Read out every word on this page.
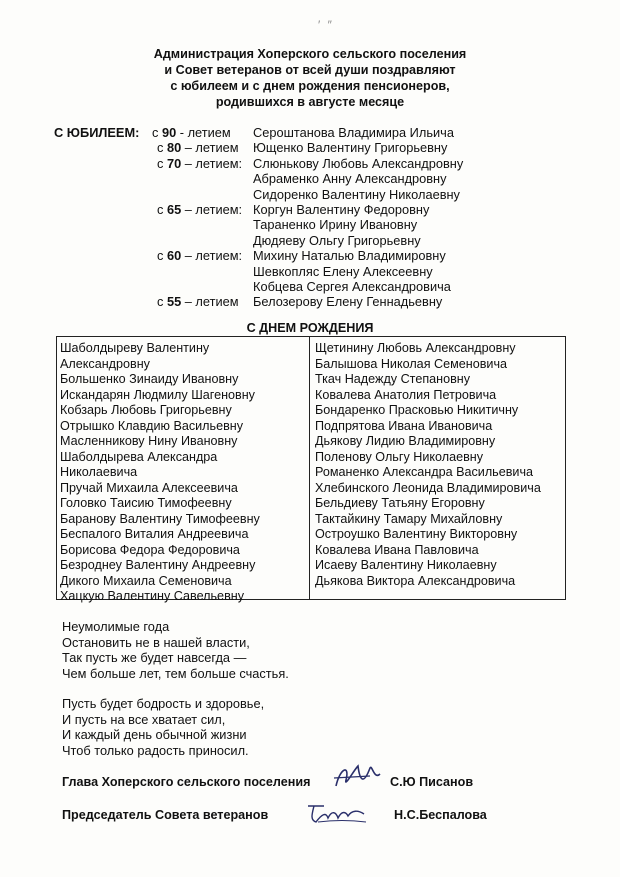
′ ″
Администрация Хоперского сельского поселения
и Совет ветеранов от всей души поздравляют
с юбилеем и с днем рождения пенсионеров,
родившихся в августе месяце
С ЮБИЛЕЕМ: с 90 - летием Сероштанова Владимира Ильича
с 80 – летием Ющенко Валентину Григорьевну
с 70 – летием: Слюнькову Любовь Александровну
Абраменко Анну Александровну
Сидоренко Валентину Николаевну
с 65 – летием: Коргун Валентину Федоровну
Тараненко Ирину Ивановну
Дюдяеву Ольгу Григорьевну
с 60 – летием: Михину Наталью Владимировну
Шевкопляс Елену Алексеевну
Кобцева Сергея Александровича
с 55 – летием Белозерову Елену Геннадьевну
С ДНЕМ РОЖДЕНИЯ
Шаболдыреву Валентину
Александровну
Большенко Зинаиду Ивановну
Искандарян Людмилу Шагеновну
Кобзарь Любовь Григорьевну
Отрышко Клавдию Васильевну
Масленникову Нину Ивановну
Шаболдырева Александра
Николаевича
Пручай Михаила Алексеевича
Головко Таисию Тимофеевну
Баранову Валентину Тимофеевну
Беспалого Виталия Андреевича
Борисова Федора Федоровича
Безроднеу Валентину Андреевну
Дикого Михаила Семеновича
Хацкую Валентину Савельевну
Щетинину Любовь Александровну
Балышова Николая Семеновича
Ткач Надежду Степановну
Ковалева Анатолия Петровича
Бондаренко Прасковью Никитичну
Подпрятова Ивана Ивановича
Дьякову Лидию Владимировну
Поленову Ольгу Николаевну
Романенко Александра Васильевича
Хлебинского Леонида Владимировича
Бельдиеву Татьяну Егоровну
Тактайкину Тамару Михайловну
Остроушко Валентину Викторовну
Ковалева Ивана Павловича
Исаеву Валентину Николаевну
Дьякова Виктора Александровича
Неумолимые года
Остановить не в нашей власти,
Так пусть же будет навсегда —
Чем больше лет, тем больше счастья.
Пусть будет бодрость и здоровье,
И пусть на все хватает сил,
И каждый день обычной жизни
Чтоб только радость приносил.
Глава Хоперского сельского поселения	С.Ю Писанов
Председатель Совета ветеранов	Н.С.Беспалова
